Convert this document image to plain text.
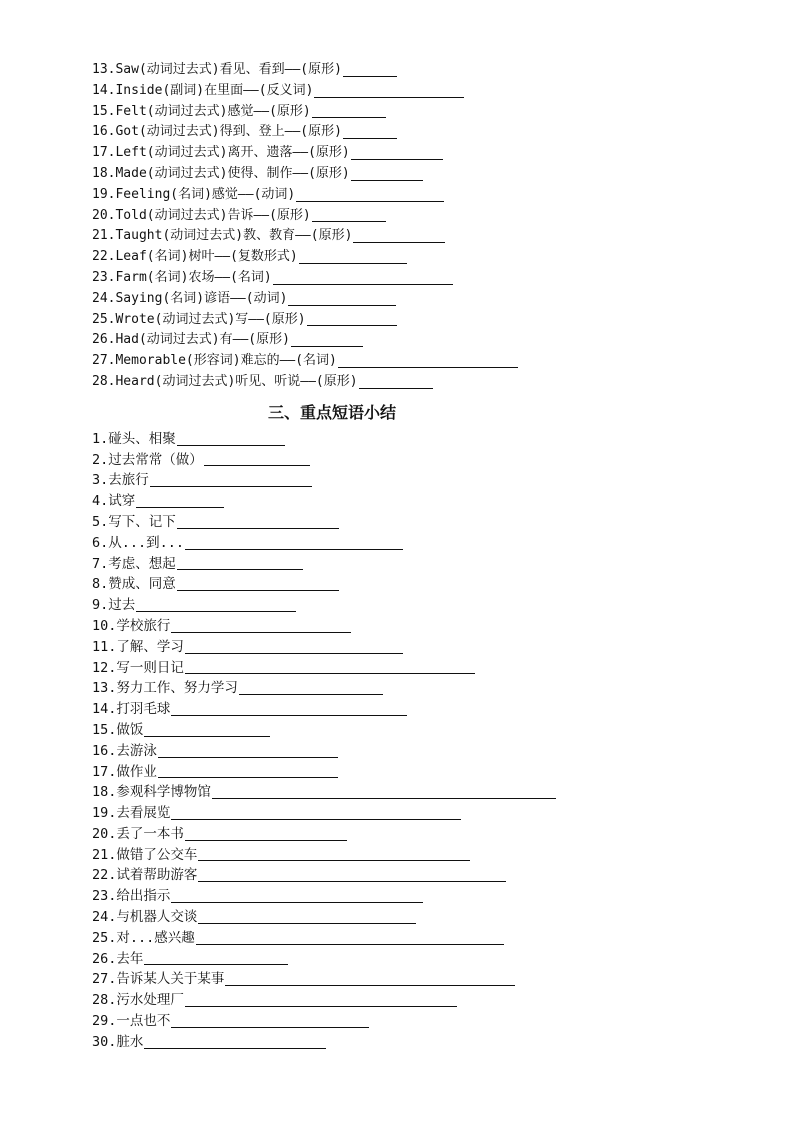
13.Saw(动词过去式)看见、看到——(原形)
14.Inside(副词)在里面——(反义词)
15.Felt(动词过去式)感觉——(原形)
16.Got(动词过去式)得到、登上——(原形)
17.Left(动词过去式)离开、遗落——(原形)
18.Made(动词过去式)使得、制作——(原形)
19.Feeling(名词)感觉——(动词)
20.Told(动词过去式)告诉——(原形)
21.Taught(动词过去式)教、教育——(原形)
22.Leaf(名词)树叶——(复数形式)
23.Farm(名词)农场——(名词)
24.Saying(名词)谚语——(动词)
25.Wrote(动词过去式)写——(原形)
26.Had(动词过去式)有——(原形)
27.Memorable(形容词)难忘的——(名词)
28.Heard(动词过去式)听见、听说——(原形)
三、重点短语小结
1.碰头、相聚
2.过去常常（做）
3.去旅行
4.试穿
5.写下、记下
6.从...到...
7.考虑、想起
8.赞成、同意
9.过去
10.学校旅行
11.了解、学习
12.写一则日记
13.努力工作、努力学习
14.打羽毛球
15.做饭
16.去游泳
17.做作业
18.参观科学博物馆
19.去看展览
20.丢了一本书
21.做错了公交车
22.试着帮助游客
23.给出指示
24.与机器人交谈
25.对...感兴趣
26.去年
27.告诉某人关于某事
28.污水处理厂
29.一点也不
30.脏水
